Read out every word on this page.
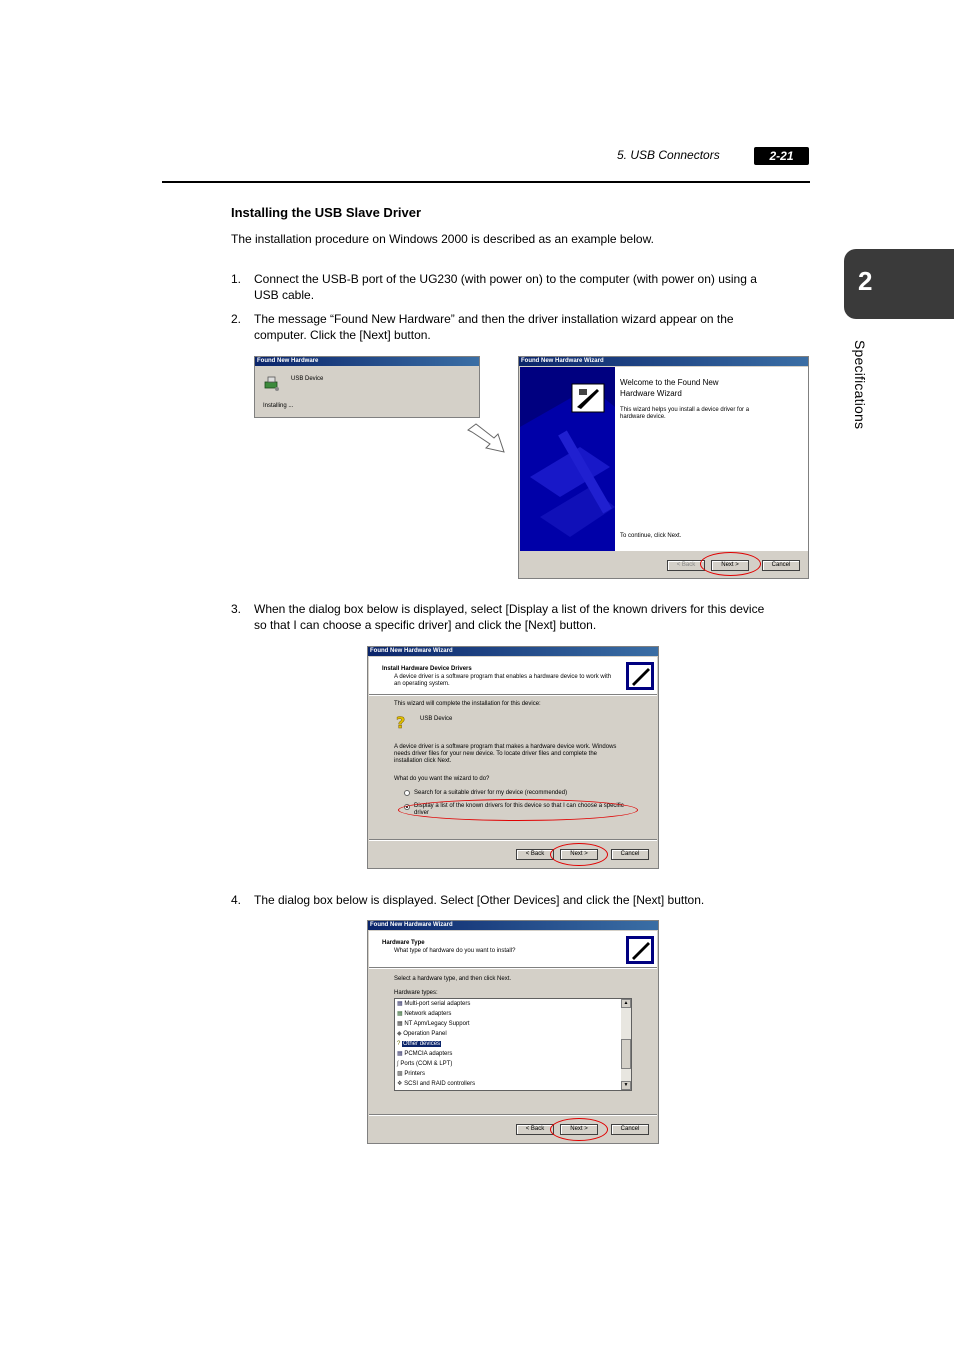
5. USB Connectors	2-21
2
Specifications
Installing the USB Slave Driver
The installation procedure on Windows 2000 is described as an example below.
1. Connect the USB-B port of the UG230 (with power on) to the computer (with power on) using a
USB cable.
2. The message “Found New Hardware” and then the driver installation wizard appear on the
computer. Click the [Next] button.
Found New Hardware
USB Device
Installing ...
Found New Hardware Wizard
Welcome to the Found New
Hardware Wizard
This wizard helps you install a device driver for a
hardware device.
To continue, click Next.
< Back	Next >	Cancel
3. When the dialog box below is displayed, select [Display a list of the known drivers for this device
so that I can choose a specific driver] and click the [Next] button.
Found New Hardware Wizard
Install Hardware Device Drivers
A device driver is a software program that enables a hardware device to work with
an operating system.
This wizard will complete the installation for this device:
? USB Device
A device driver is a software program that makes a hardware device work. Windows
needs driver files for your new device. To locate driver files and complete the
installation click Next.
What do you want the wizard to do?
Search for a suitable driver for my device (recommended)
Display a list of the known drivers for this device so that I can choose a specific
driver
< Back	Next >	Cancel
4. The dialog box below is displayed. Select [Other Devices] and click the [Next] button.
Found New Hardware Wizard
Hardware Type
What type of hardware do you want to install?
Select a hardware type, and then click Next.
Hardware types:
▦ Multi-port serial adapters
▦ Network adapters
▦ NT Apm/Legacy Support
◆ Operation Panel
? Other devices
▦ PCMCIA adapters
∫ Ports (COM & LPT)
▩ Printers
❖ SCSI and RAID controllers
▲
▼
< Back	Next >	Cancel
